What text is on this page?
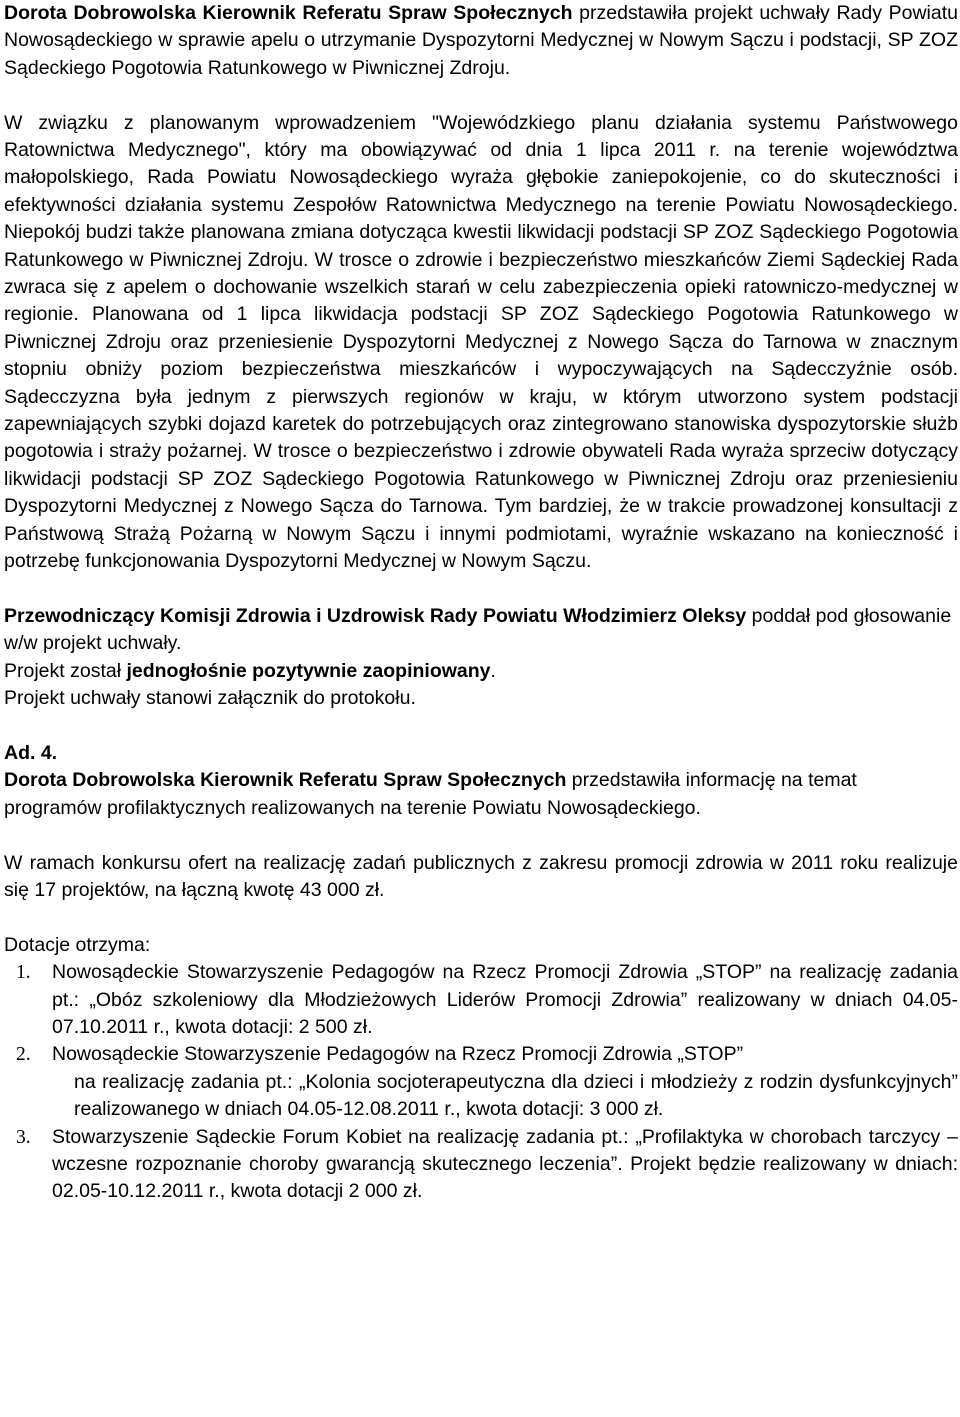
Dorota Dobrowolska Kierownik Referatu Spraw Społecznych przedstawiła projekt uchwały Rady Powiatu Nowosądeckiego w sprawie apelu o utrzymanie Dyspozytorni Medycznej w Nowym Sączu i podstacji, SP ZOZ Sądeckiego Pogotowia Ratunkowego w Piwnicznej Zdroju.

W związku z planowanym wprowadzeniem "Wojewódzkiego planu działania systemu Państwowego Ratownictwa Medycznego", który ma obowiązywać od dnia 1 lipca 2011 r. na terenie województwa małopolskiego, Rada Powiatu Nowosądeckiego wyraża głębokie zaniepokojenie, co do skuteczności i efektywności działania systemu Zespołów Ratownictwa Medycznego na terenie Powiatu Nowosądeckiego. Niepokój budzi także planowana zmiana dotycząca kwestii likwidacji podstacji SP ZOZ Sądeckiego Pogotowia Ratunkowego w Piwnicznej Zdroju. W trosce o zdrowie i bezpieczeństwo mieszkańców Ziemi Sądeckiej Rada zwraca się z apelem o dochowanie wszelkich starań w celu zabezpieczenia opieki ratowniczo-medycznej w regionie. Planowana od 1 lipca likwidacja podstacji SP ZOZ Sądeckiego Pogotowia Ratunkowego w Piwnicznej Zdroju oraz przeniesienie Dyspozytorni Medycznej z Nowego Sącza do Tarnowa w znacznym stopniu obniży poziom bezpieczeństwa mieszkańców i wypoczywających na Sądecczyźnie osób. Sądecczyzna była jednym z pierwszych regionów w kraju, w którym utworzono system podstacji zapewniających szybki dojazd karetek do potrzebujących oraz zintegrowano stanowiska dyspozytorskie służb pogotowia i straży pożarnej. W trosce o bezpieczeństwo i zdrowie obywateli Rada wyraża sprzeciw dotyczący likwidacji podstacji SP ZOZ Sądeckiego Pogotowia Ratunkowego w Piwnicznej Zdroju oraz przeniesieniu Dyspozytorni Medycznej z Nowego Sącza do Tarnowa. Tym bardziej, że w trakcie prowadzonej konsultacji z Państwową Strażą Pożarną w Nowym Sączu i innymi podmiotami, wyraźnie wskazano na konieczność i potrzebę funkcjonowania Dyspozytorni Medycznej w Nowym Sączu.

Przewodniczący Komisji Zdrowia i Uzdrowisk Rady Powiatu Włodzimierz Oleksy poddał pod głosowanie w/w projekt uchwały.

Projekt został jednogłośnie pozytywnie zaopiniowany.

Projekt uchwały stanowi załącznik do protokołu.

Ad. 4.

Dorota Dobrowolska Kierownik Referatu Spraw Społecznych przedstawiła informację na temat

programów profilaktycznych realizowanych na terenie Powiatu Nowosądeckiego.

W ramach konkursu ofert na realizację zadań publicznych z zakresu promocji zdrowia w 2011 roku realizuje się 17 projektów, na łączną kwotę 43 000 zł.

Dotacje otrzyma:

1. Nowosądeckie Stowarzyszenie Pedagogów na Rzecz Promocji Zdrowia „STOP” na realizację zadania pt.: „Obóz szkoleniowy dla Młodzieżowych Liderów Promocji Zdrowia” realizowany w dniach 04.05-07.10.2011 r., kwota dotacji: 2 500 zł.
2. Nowosądeckie Stowarzyszenie Pedagogów na Rzecz Promocji Zdrowia „STOP”
na realizację zadania pt.: „Kolonia socjoterapeutyczna dla dzieci i młodzieży z rodzin dysfunkcyjnych” realizowanego w dniach 04.05-12.08.2011 r., kwota dotacji: 3 000 zł.
3. Stowarzyszenie Sądeckie Forum Kobiet na realizację zadania pt.: „Profilaktyka w chorobach tarczycy – wczesne rozpoznanie choroby gwarancją skutecznego leczenia”. Projekt będzie realizowany w dniach: 02.05-10.12.2011 r., kwota dotacji 2 000 zł.
